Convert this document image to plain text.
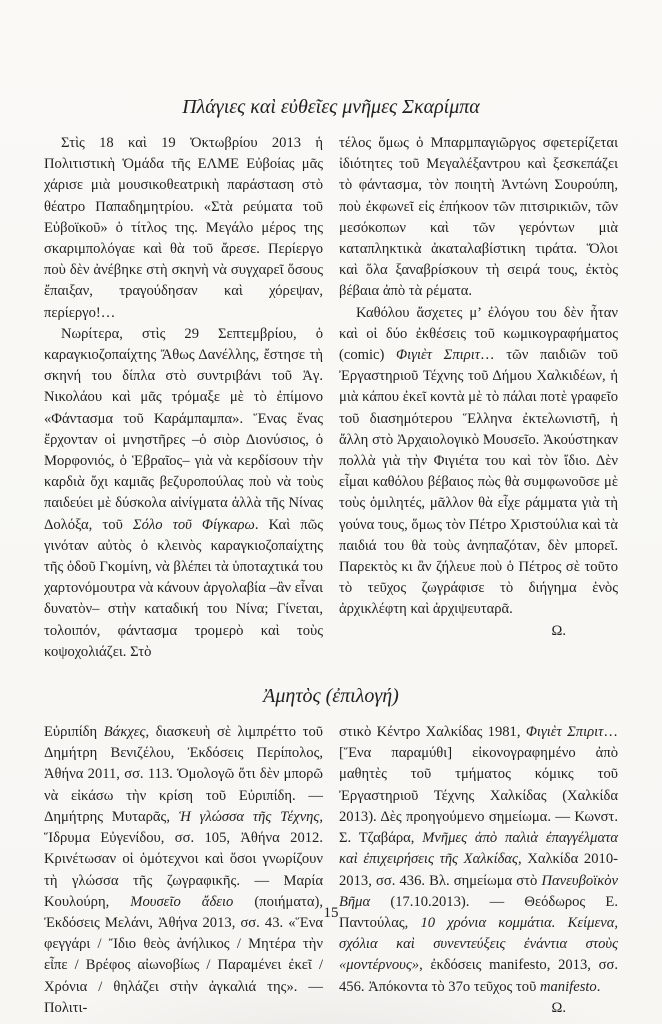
Πλάγιες καὶ εὐθεῖες μνῆμες Σκαρίμπα

Στὶς 18 καὶ 19 Ὀκτωβρίου 2013 ἡ Πολιτιστικὴ Ὁμάδα τῆς ΕΛΜΕ Εὐβοίας μᾶς χάρισε μιὰ μουσικοθεατρικὴ παράσταση στὸ θέατρο Παπαδημητρίου. «Στὰ ρεύματα τοῦ Εὐβοϊκοῦ» ὁ τίτλος της. Μεγάλο μέρος της σκαριμπολόγαε καὶ θὰ τοῦ ἄρεσε. Περίεργο ποὺ δὲν ἀνέβηκε στὴ σκηνὴ νὰ συγχαρεῖ ὅσους ἔπαιξαν, τραγούδησαν καὶ χόρεψαν, περίεργο!…

Νωρίτερα, στὶς 29 Σεπτεμβρίου, ὁ καραγκιοζοπαίχτης Ἄθως Δανέλλης, ἔστησε τὴ σκηνή του δίπλα στὸ συντριβάνι τοῦ Ἁγ. Νικολάου καὶ μᾶς τρόμαξε μὲ τὸ ἐπίμονο «Φάντασμα τοῦ Καράμπαμπα». Ἕνας ἕνας ἔρχονταν οἱ μνηστῆρες –ὁ σιὸρ Διονύσιος, ὁ Μορφονιός, ὁ Ἑβραῖος– γιὰ νὰ κερδίσουν τὴν καρδιὰ ὄχι καμιᾶς βεζυροπούλας ποὺ νὰ τοὺς παιδεύει μὲ δύσκολα αἰνίγματα ἀλλὰ τῆς Νίνας Δολόξα, τοῦ Σόλο τοῦ Φίγκαρω. Καὶ πῶς γινόταν αὐτὸς ὁ κλεινὸς καραγκιοζοπαίχτης τῆς ὁδοῦ Γκομίνη, νὰ βλέπει τὰ ὑποταχτικά του χαρτονόμουτρα νὰ κάνουν ἀργολαβία –ἂν εἶναι δυνατὸν– στὴν καταδική του Νίνα; Γίνεται, τολοιπόν, φάντασμα τρομερὸ καὶ τοὺς κοψοχολιάζει. Στὸ

τέλος ὅμως ὁ Μπαρμπαγιῶργος σφετερίζεται ἰδιότητες τοῦ Μεγαλέξαντρου καὶ ξεσκεπάζει τὸ φάντασμα, τὸν ποιητὴ Ἀντώνη Σουρούπη, ποὺ ἐκφωνεῖ εἰς ἐπήκοον τῶν πιτσιρικιῶν, τῶν μεσόκοπων καὶ τῶν γερόντων μιὰ καταπληκτικὰ ἀκαταλαβίστικη τιράτα. Ὅλοι καὶ ὅλα ξαναβρίσκουν τὴ σειρά τους, ἐκτὸς βέβαια ἀπὸ τὰ ρέματα.

Καθόλου ἄσχετες μ’ ἐλόγου του δὲν ἦταν καὶ οἱ δύο ἐκθέσεις τοῦ κωμικογραφήματος (comic) Φιγιὲτ Σπιριτ… τῶν παιδιῶν τοῦ Ἐργαστηριοῦ Τέχνης τοῦ Δήμου Χαλκιδέων, ἡ μιὰ κάπου ἐκεῖ κοντὰ μὲ τὸ πάλαι ποτὲ γραφεῖο τοῦ διασημότερου Ἕλληνα ἐκτελωνιστῆ, ἡ ἄλλη στὸ Ἀρχαιολογικὸ Μουσεῖο. Ἀκούστηκαν πολλὰ γιὰ τὴν Φιγιέτα του καὶ τὸν ἴδιο. Δὲν εἶμαι καθόλου βέβαιος πὼς θὰ συμφωνοῦσε μὲ τοὺς ὁμιλητές, μᾶλλον θὰ εἶχε ράμματα γιὰ τὴ γούνα τους, ὅμως τὸν Πέτρο Χριστούλια καὶ τὰ παιδιά του θὰ τοὺς ἀνηπαζόταν, δὲν μπορεῖ. Παρεκτὸς κι ἂν ζήλευε ποὺ ὁ Πέτρος σὲ τοῦτο τὸ τεῦχος ζωγράφισε τὸ διήγημα ἑνὸς ἀρχικλέφτη καὶ ἀρχιψευταρᾶ.

Ω.

Ἀμητὸς (ἐπιλογή)

Εὐριπίδη Βάκχες, διασκευὴ σὲ λιμπρέττο τοῦ Δημήτρη Βενιζέλου, Ἐκδόσεις Περίπολος, Ἀθήνα 2011, σσ. 113. Ὁμολογῶ ὅτι δὲν μπορῶ νὰ εἰκάσω τὴν κρίση τοῦ Εὐριπίδη. — Δημήτρης Μυταρᾶς, Ἡ γλώσσα τῆς Τέχνης, Ἵδρυμα Εὐγενίδου, σσ. 105, Ἀθήνα 2012. Κρινέτωσαν οἱ ὁμότεχνοι καὶ ὅσοι γνωρίζουν τὴ γλώσσα τῆς ζωγραφικῆς. — Μαρία Κουλούρη, Μουσεῖο ἄδειο (ποιήματα), Ἐκδόσεις Μελάνι, Ἀθήνα 2013, σσ. 43. «Ἕνα φεγγάρι / Ἴδιο θεὸς ἀνήλικος / Μητέρα τὴν εἶπε / Βρέφος αἰωνοβίως / Παραμένει ἐκεῖ / Χρόνια / θηλάζει στὴν ἀγκαλιά της». — Πολιτι-

στικὸ Κέντρο Χαλκίδας 1981, Φιγιὲτ Σπιριτ… [Ἕνα παραμύθι] εἰκονογραφημένο ἀπὸ μαθητὲς τοῦ τμήματος κόμικς τοῦ Ἐργαστηριοῦ Τέχνης Χαλκίδας (Χαλκίδα 2013). Δὲς προηγούμενο σημείωμα. — Κωνστ. Σ. Τζαβάρα, Μνῆμες ἀπὸ παλιὰ ἐπαγγέλματα καὶ ἐπιχειρήσεις τῆς Χαλκίδας, Χαλκίδα 2010-2013, σσ. 436. Βλ. σημείωμα στὸ Πανευβοϊκὸν Βῆμα (17.10.2013). — Θεόδωρος Ε. Παντούλας, 10 χρόνια κομμάτια. Κείμενα, σχόλια καὶ συνεντεύξεις ἐνάντια στοὺς «μοντέρνους», ἐκδόσεις manifesto, 2013, σσ. 456. Ἀπόκοντα τὸ 37ο τεῦχος τοῦ manifesto.

Ω.

15
